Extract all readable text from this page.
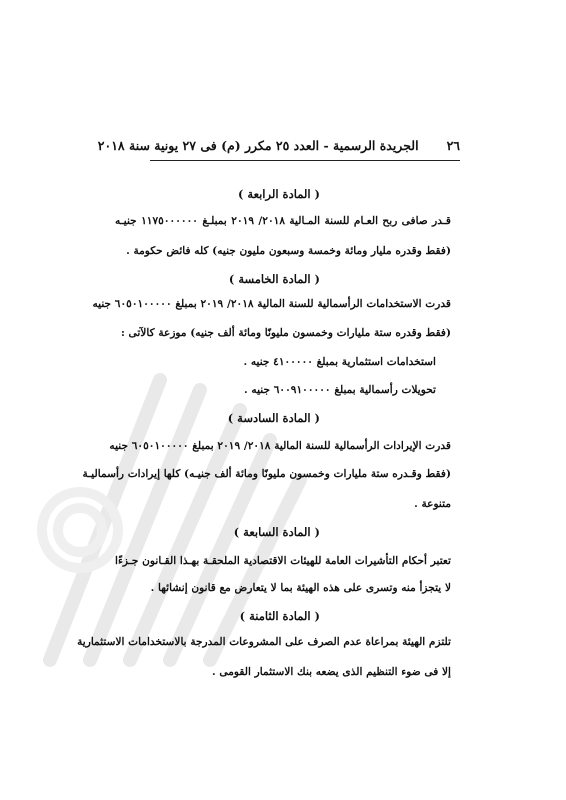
٢٦الجريدة الرسمية - العدد ٢٥ مكرر (م) فى ٢٧ يونية سنة ٢٠١٨
( المادة الرابعة )
قـدر صافى ربح العـام للسنة المـالية ٢٠١٨/ ٢٠١٩ بمبلـغ ١١٧٥٠٠٠٠٠٠ جنيـه
(فقط وقدره مليار ومائة وخمسة وسبعون مليون جنيه) كله فائض حكومة .
( المادة الخامسة )
قدرت الاستخدامات الرأسمالية للسنة المالية ٢٠١٨/ ٢٠١٩ بمبلغ ٦٠٥٠١٠٠٠٠٠ جنيه
(فقط وقدره ستة مليارات وخمسون مليونًا ومائة ألف جنيه) موزعة كالآتى :
استخدامات استثمارية بمبلغ ٤١٠٠٠٠٠ جنيه .
تحويلات رأسمالية بمبلغ ٦٠٠٩١٠٠٠٠٠ جنيه .
( المادة السادسة )
قدرت الإيرادات الرأسمالية للسنة المالية ٢٠١٨/ ٢٠١٩ بمبلغ ٦٠٥٠١٠٠٠٠٠ جنيه
(فقط وقـدره ستة مليارات وخمسون مليونًا ومائة ألف جنيـه) كلها إيرادات رأسماليـة
متنوعة .
( المادة السابعة )
تعتبر أحكام التأشيرات العامة للهيئات الاقتصادية الملحقـة بهـذا القـانون جـزءًا
لا يتجزأ منه وتسرى على هذه الهيئة بما لا يتعارض مع قانون إنشائها .
( المادة الثامنة )
تلتزم الهيئة بمراعاة عدم الصرف على المشروعات المدرجة بالاستخدامات الاستثمارية
إلا فى ضوء التنظيم الذى يضعه بنك الاستثمار القومى .
